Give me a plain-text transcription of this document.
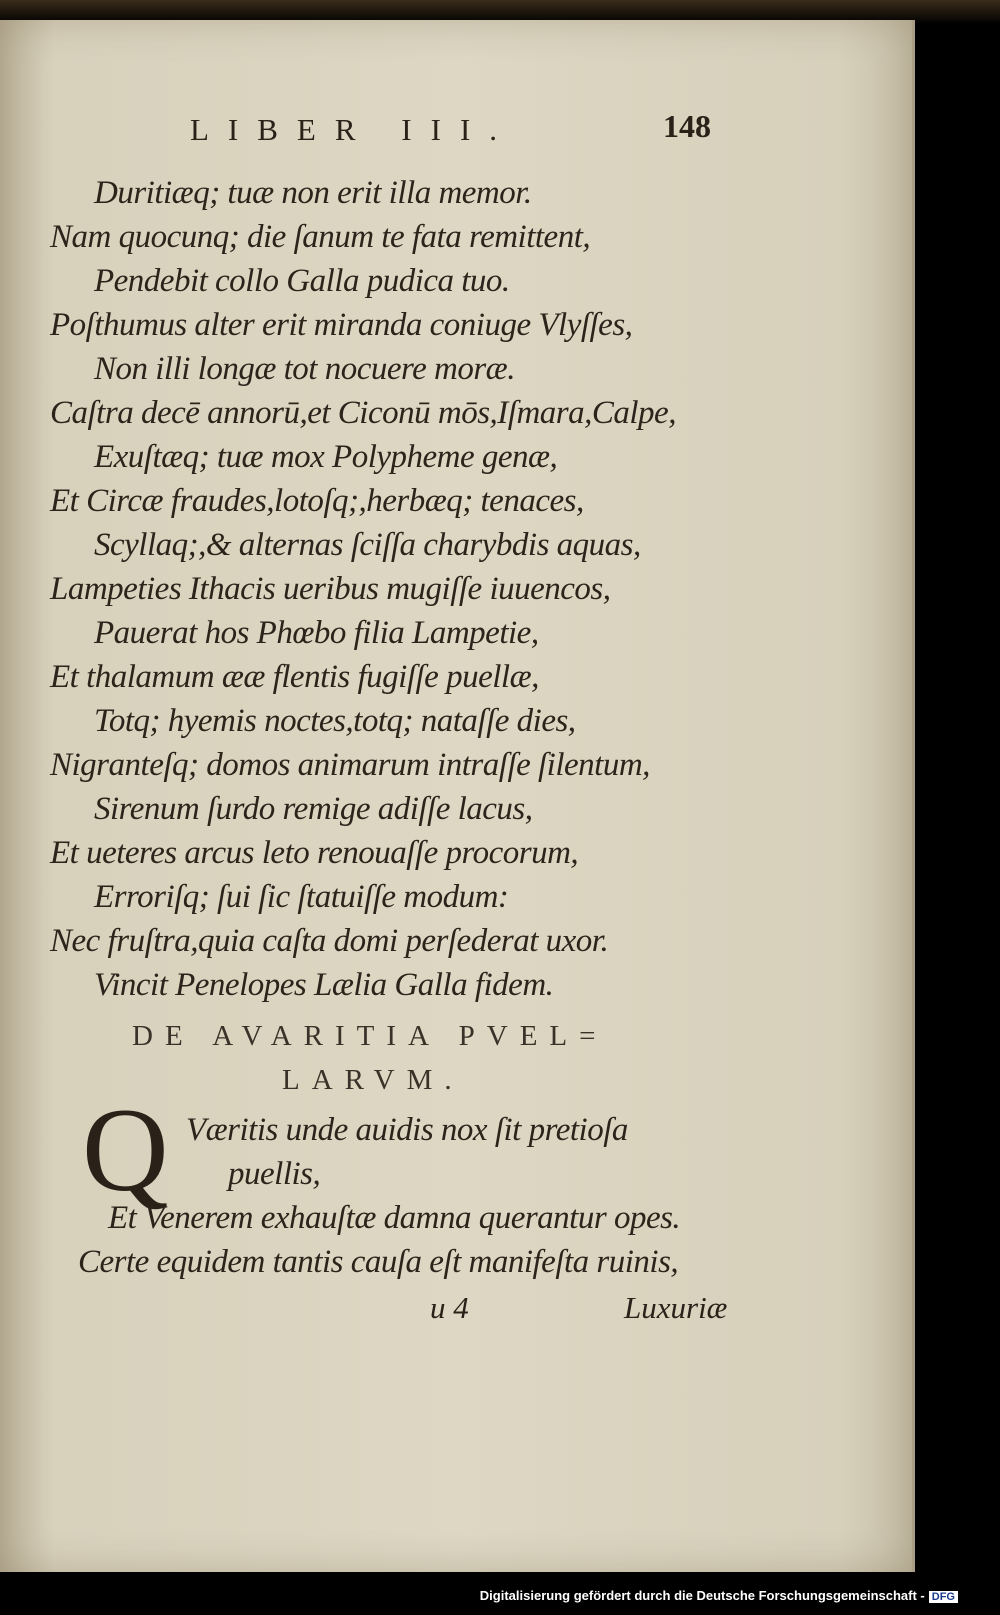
LIBER III.	148
Duritiæq; tuæ non erit illa memor.
Nam quocunq; die ſanum te fata remittent,
Pendebit collo Galla pudica tuo.
Poſthumus alter erit miranda coniuge Vlyſſes,
Non illi longæ tot nocuere moræ.
Caſtra decē annorū,et Ciconū mōs,Iſmara,Calpe,
Exuſtæq; tuæ mox Polypheme genæ,
Et Circæ fraudes,lotoſq;,herbæq; tenaces,
Scyllaq;,& alternas ſciſſa charybdis aquas,
Lampeties Ithacis ueribus mugiſſe iuuencos,
Pauerat hos Phœbo filia Lampetie,
Et thalamum ææ flentis fugiſſe puellæ,
Totq; hyemis noctes,totq; nataſſe dies,
Nigranteſq; domos animarum intraſſe ſilentum,
Sirenum ſurdo remige adiſſe lacus,
Et ueteres arcus leto renouaſſe procorum,
Erroriſq; ſui ſic ſtatuiſſe modum:
Nec fruſtra,quia caſta domi perſederat uxor.
Vincit Penelopes Lælia Galla fidem.
DE AVARITIA PVEL=
LARVM.
Q Væritis unde auidis nox ſit pretioſa
puellis,
Et Venerem exhauſtæ damna querantur opes.
Certe equidem tantis cauſa eſt manifeſta ruinis,
u 4	Luxuriæ
Digitalisierung gefördert durch die Deutsche Forschungsgemeinschaft - DFG
